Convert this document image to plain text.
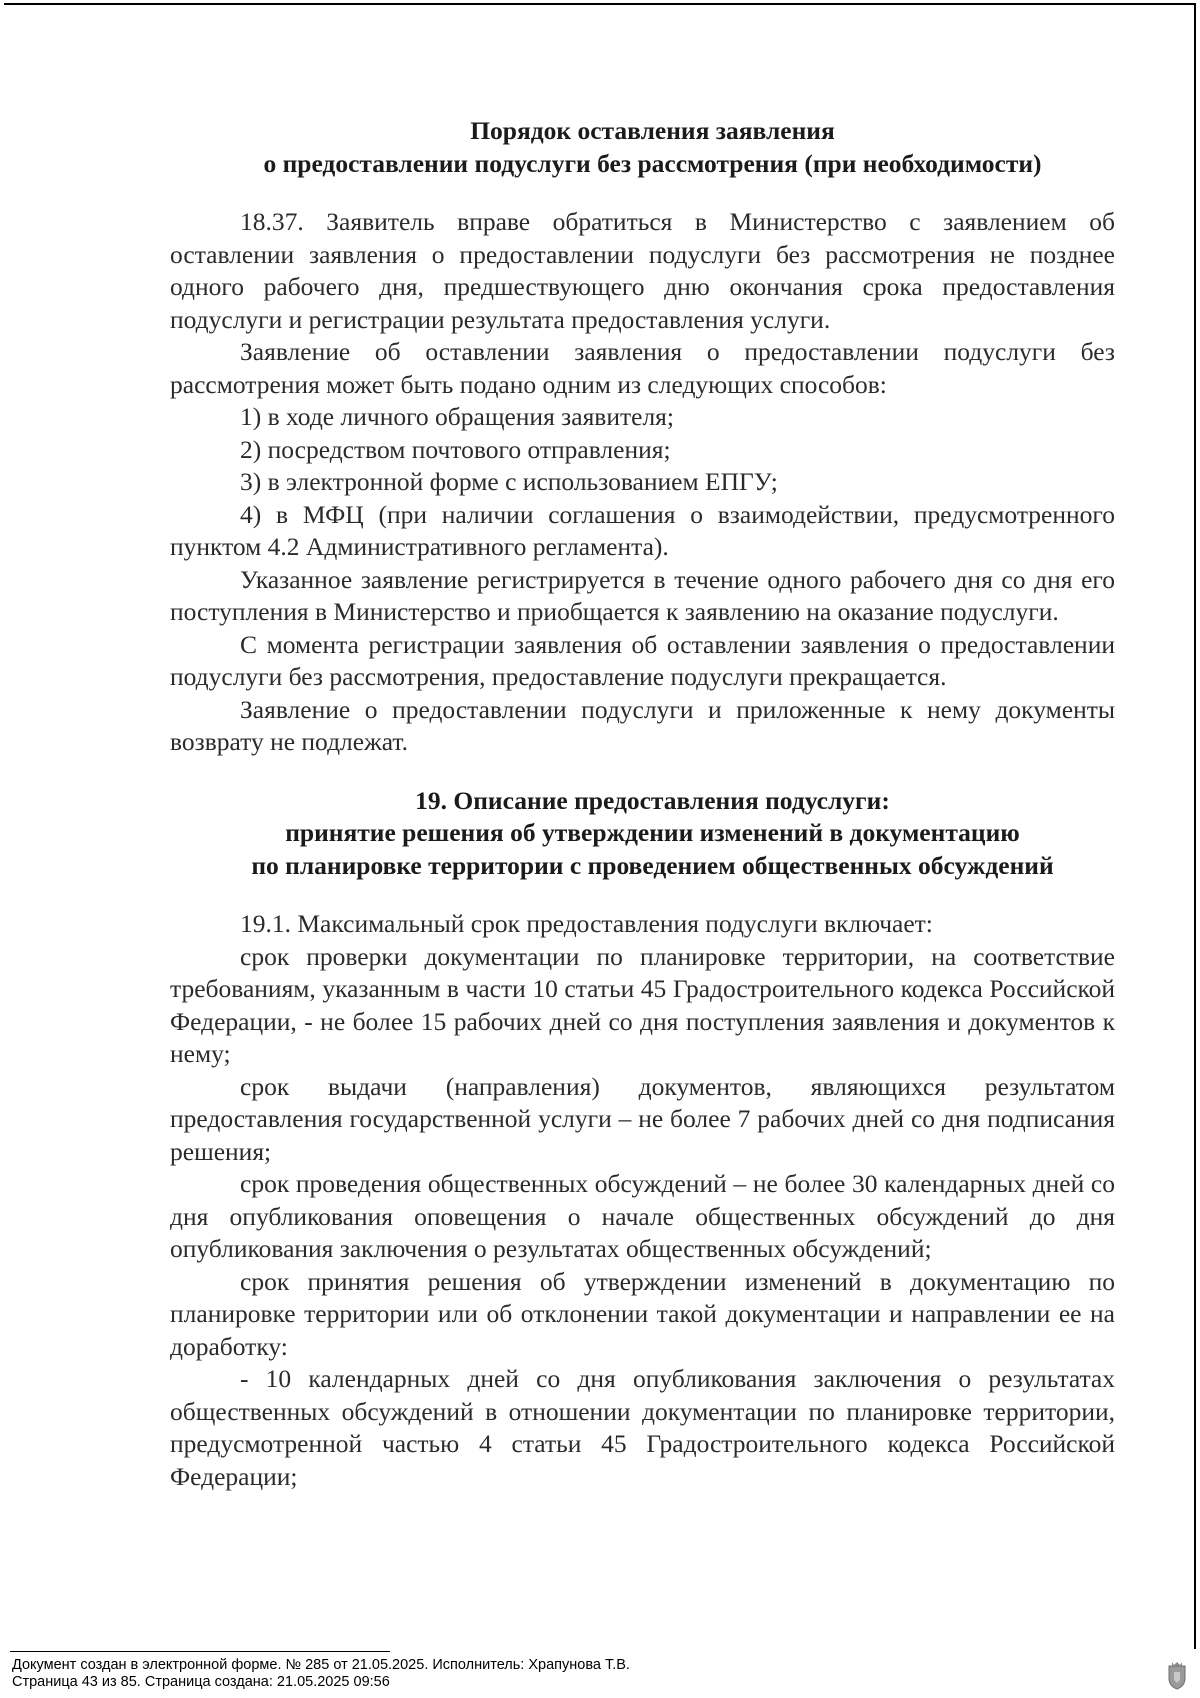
Порядок оставления заявления
о предоставлении подуслуги без рассмотрения (при необходимости)

18.37. Заявитель вправе обратиться в Министерство с заявлением об оставлении заявления о предоставлении подуслуги без рассмотрения не позднее одного рабочего дня, предшествующего дню окончания срока предоставления подуслуги и регистрации результата предоставления услуги.

Заявление об оставлении заявления о предоставлении подуслуги без рассмотрения может быть подано одним из следующих способов:

1) в ходе личного обращения заявителя;

2) посредством почтового отправления;

3) в электронной форме с использованием ЕПГУ;

4) в МФЦ (при наличии соглашения о взаимодействии, предусмотренного пунктом 4.2 Административного регламента).

Указанное заявление регистрируется в течение одного рабочего дня со дня его поступления в Министерство и приобщается к заявлению на оказание подуслуги.

С момента регистрации заявления об оставлении заявления о предоставлении подуслуги без рассмотрения, предоставление подуслуги прекращается.

Заявление о предоставлении подуслуги и приложенные к нему документы возврату не подлежат.

19. Описание предоставления подуслуги:
принятие решения об утверждении изменений в документацию
по планировке территории с проведением общественных обсуждений

19.1. Максимальный срок предоставления подуслуги включает:

срок проверки документации по планировке территории, на соответствие требованиям, указанным в части 10 статьи 45 Градостроительного кодекса Российской Федерации, - не более 15 рабочих дней со дня поступления заявления и документов к нему;

срок выдачи (направления) документов, являющихся результатом предоставления государственной услуги – не более 7 рабочих дней со дня подписания решения;

срок проведения общественных обсуждений – не более 30 календарных дней со дня опубликования оповещения о начале общественных обсуждений до дня опубликования заключения о результатах общественных обсуждений;

срок принятия решения об утверждении изменений в документацию по планировке территории или об отклонении такой документации и направлении ее на доработку:

- 10 календарных дней со дня опубликования заключения о результатах общественных обсуждений в отношении документации по планировке территории, предусмотренной частью 4 статьи 45 Градостроительного кодекса Российской Федерации;

Документ создан в электронной форме. № 285 от 21.05.2025. Исполнитель: Храпунова Т.В.
Страница 43 из 85. Страница создана: 21.05.2025 09:56
